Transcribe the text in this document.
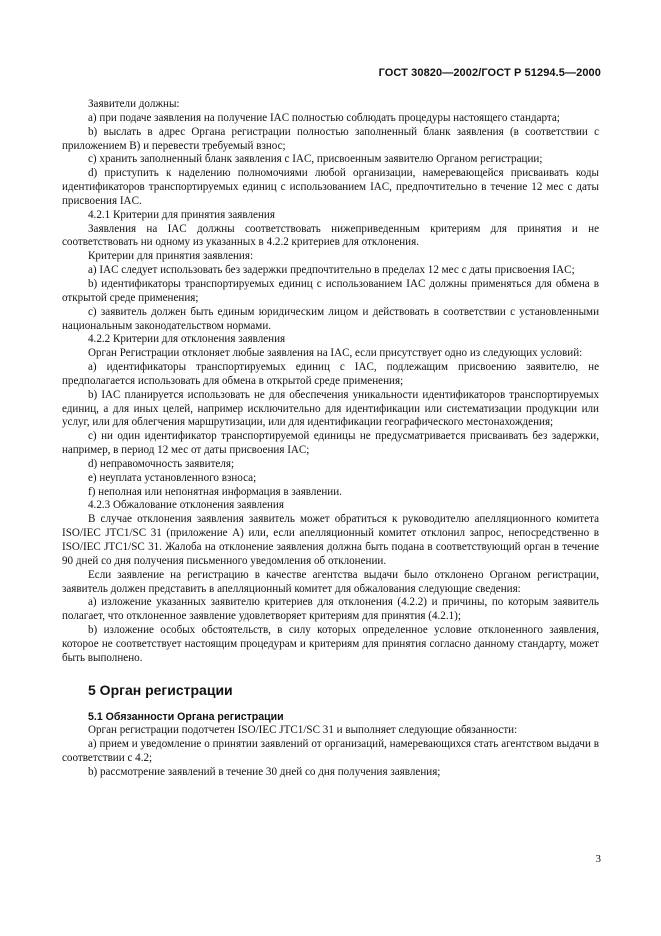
ГОСТ 30820—2002/ГОСТ Р 51294.5—2000

Заявители должны:

a) при подаче заявления на получение IAC полностью соблюдать процедуры настоящего стандарта;

b) выслать в адрес Органа регистрации полностью заполненный бланк заявления (в соответствии с приложением В) и перевести требуемый взнос;

c) хранить заполненный бланк заявления с IAC, присвоенным заявителю Органом регистрации;

d) приступить к наделению полномочиями любой организации, намеревающейся присваивать коды идентификаторов транспортируемых единиц с использованием IAC, предпочтительно в течение 12 мес с даты присвоения IAC.

4.2.1 Критерии для принятия заявления

Заявления на IAC должны соответствовать нижеприведенным критериям для принятия и не соответствовать ни одному из указанных в 4.2.2 критериев для отклонения.

Критерии для принятия заявления:

a) IAC следует использовать без задержки предпочтительно в пределах 12 мес с даты присвоения IAC;

b) идентификаторы транспортируемых единиц с использованием IAC должны применяться для обмена в открытой среде применения;

c) заявитель должен быть единым юридическим лицом и действовать в соответствии с установленными национальным законодательством нормами.

4.2.2 Критерии для отклонения заявления

Орган Регистрации отклоняет любые заявления на IAC, если присутствует одно из следующих условий:

a) идентификаторы транспортируемых единиц с IAC, подлежащим присвоению заявителю, не предполагается использовать для обмена в открытой среде применения;

b) IAC планируется использовать не для обеспечения уникальности идентификаторов транспортируемых единиц, а для иных целей, например исключительно для идентификации или систематизации продукции или услуг, или для облегчения маршрутизации, или для идентификации географического местонахождения;

c) ни один идентификатор транспортируемой единицы не предусматривается присваивать без задержки, например, в период 12 мес от даты присвоения IAC;

d) неправомочность заявителя;

e) неуплата установленного взноса;

f) неполная или непонятная информация в заявлении.

4.2.3 Обжалование отклонения заявления

В случае отклонения заявления заявитель может обратиться к руководителю апелляционного комитета ISO/IEC JTC1/SC 31 (приложение А) или, если апелляционный комитет отклонил запрос, непосредственно в ISO/IEC JTC1/SC 31. Жалоба на отклонение заявления должна быть подана в соответствующий орган в течение 90 дней со дня получения письменного уведомления об отклонении.

Если заявление на регистрацию в качестве агентства выдачи было отклонено Органом регистрации, заявитель должен представить в апелляционный комитет для обжалования следующие сведения:

a) изложение указанных заявителю критериев для отклонения (4.2.2) и причины, по которым заявитель полагает, что отклоненное заявление удовлетворяет критериям для принятия (4.2.1);

b) изложение особых обстоятельств, в силу которых определенное условие отклоненного заявления, которое не соответствует настоящим процедурам и критериям для принятия согласно данному стандарту, может быть выполнено.

5 Орган регистрации
5.1 Обязанности Органа регистрации

Орган регистрации подотчетен ISO/IEC JTC1/SC 31 и выполняет следующие обязанности:

a) прием и уведомление о принятии заявлений от организаций, намеревающихся стать агентством выдачи в соответствии с 4.2;

b) рассмотрение заявлений в течение 30 дней со дня получения заявления;

3
